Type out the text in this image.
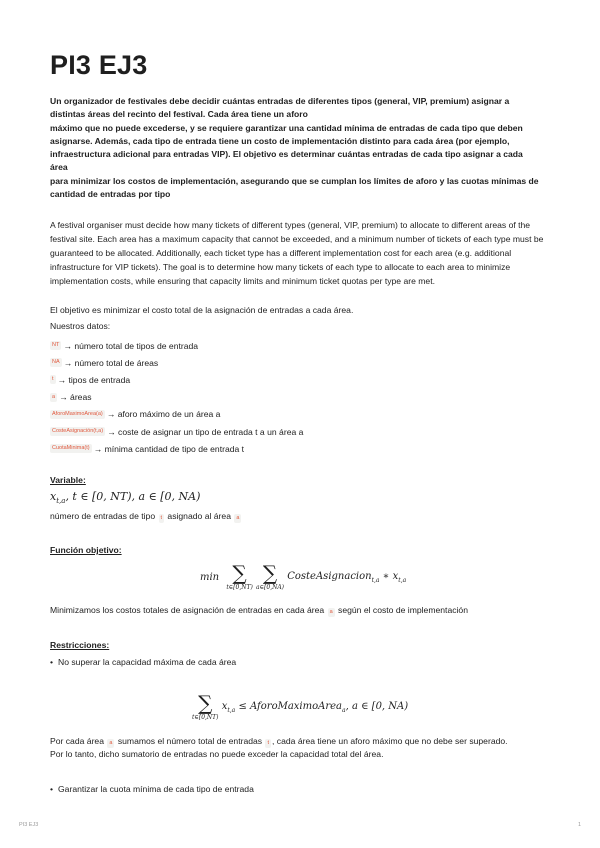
PI3 EJ3
Un organizador de festivales debe decidir cuántas entradas de diferentes tipos (general, VIP, premium) asignar a
distintas áreas del recinto del festival. Cada área tiene un aforo
máximo que no puede excederse, y se requiere garantizar una cantidad mínima de entradas de cada tipo que deben
asignarse. Además, cada tipo de entrada tiene un costo de implementación distinto para cada área (por ejemplo,
infraestructura adicional para entradas VIP). El objetivo es determinar cuántas entradas de cada tipo asignar a cada
área
para minimizar los costos de implementación, asegurando que se cumplan los límites de aforo y las cuotas mínimas de
cantidad de entradas por tipo
A festival organiser must decide how many tickets of different types (general, VIP, premium) to allocate to different areas of the festival site. Each area has a maximum capacity that cannot be exceeded, and a minimum number of tickets of each type must be guaranteed to be allocated. Additionally, each ticket type has a different implementation cost for each area (e.g. additional infrastructure for VIP tickets). The goal is to determine how many tickets of each type to allocate to each area to minimize implementation costs, while ensuring that capacity limits and minimum ticket quotas per type are met.
El objetivo es minimizar el costo total de la asignación de entradas a cada área.
Nuestros datos:
NT → número total de tipos de entrada
NA → número total de áreas
t → tipos de entrada
a → áreas
AforoMaximoArea(a) → aforo máximo de un área a
CosteAsignación(t,a) → coste de asignar un tipo de entrada t a un área a
CuotaMinima(t) → mínima cantidad de tipo de entrada t
Variable:
$x_{t,a}$, t ∈ [0, NT), a ∈ [0, NA)
número de entradas de tipo t asignado al área a
Función objetivo:
min ∑
t∈[0,NT)

∑
a∈[0,NA)
CosteAsignacion$_{t,a}$ ∗ $x_{t,a}$
Minimizamos los costos totales de asignación de entradas en cada área a según el costo de implementación
Restricciones:
• No superar la capacidad máxima de cada área
∑
t∈[0,NT)
$x_{t,a}$ ≤ AforoMaximoArea$_a$, a ∈ [0, NA)
Por cada área a sumamos el número total de entradas t , cada área tiene un aforo máximo que no debe ser superado.
Por lo tanto, dicho sumatorio de entradas no puede exceder la capacidad total del área.
• Garantizar la cuota mínima de cada tipo de entrada
PI3 EJ3	1
